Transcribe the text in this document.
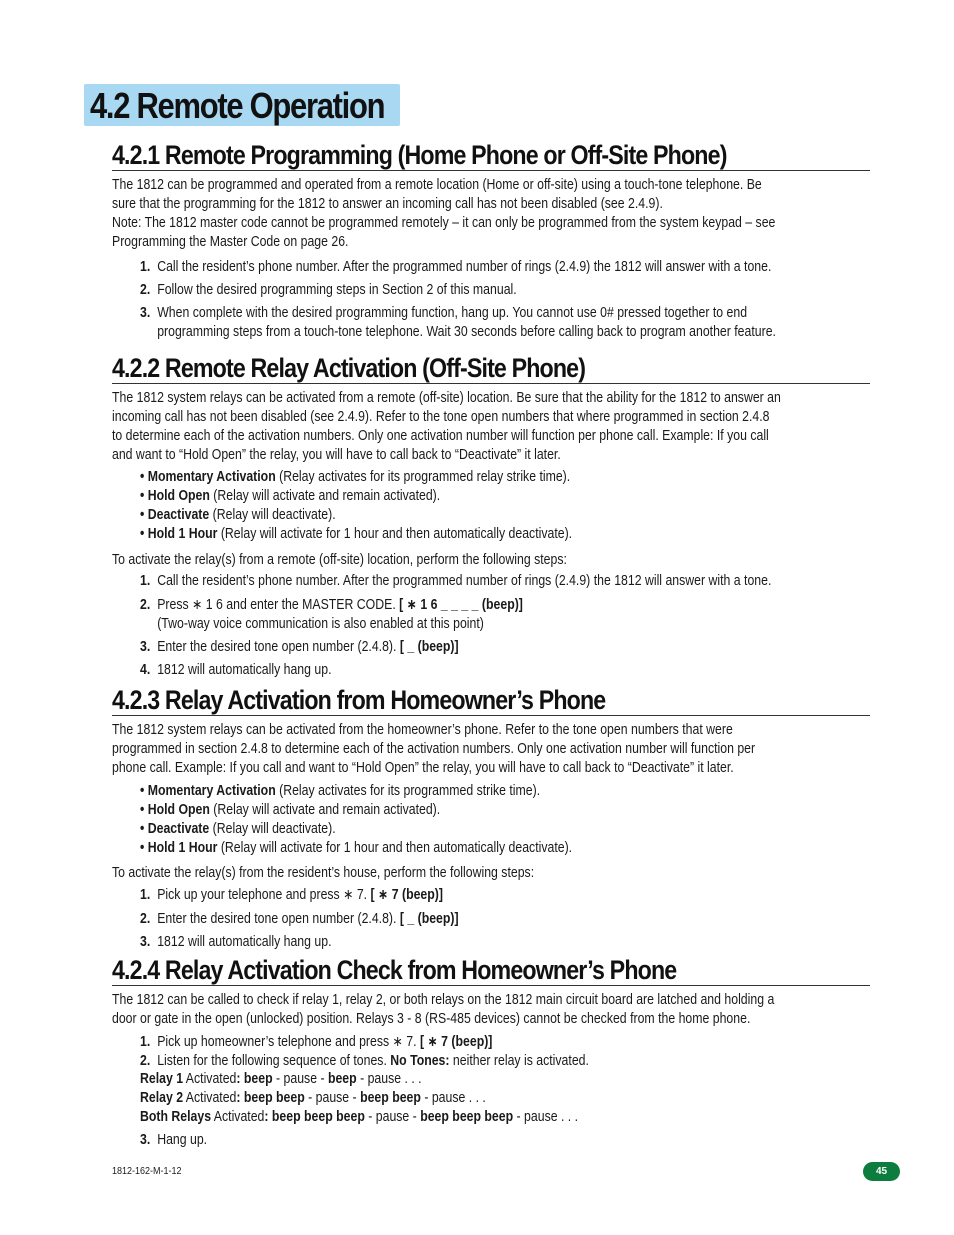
4.2 Remote Operation
4.2.1 Remote Programming (Home Phone or Off-Site Phone)

The 1812 can be programmed and operated from a remote location (Home or off-site) using a touch-tone telephone. Be

sure that the programming for the 1812 to answer an incoming call has not been disabled (see 2.4.9).

Note: The 1812 master code cannot be programmed remotely – it can only be programmed from the system keypad – see

Programming the Master Code on page 26.

1. Call the resident’s phone number. After the programmed number of rings (2.4.9) the 1812 will answer with a tone.
2. Follow the desired programming steps in Section 2 of this manual.
3. When complete with the desired programming function, hang up. You cannot use 0# pressed together to end
programming steps from a touch-tone telephone. Wait 30 seconds before calling back to program another feature.
4.2.2 Remote Relay Activation (Off-Site Phone)

The 1812 system relays can be activated from a remote (off-site) location. Be sure that the ability for the 1812 to answer an

incoming call has not been disabled (see 2.4.9). Refer to the tone open numbers that where programmed in section 2.4.8

to determine each of the activation numbers. Only one activation number will function per phone call. Example: If you call

and want to “Hold Open” the relay, you will have to call back to “Deactivate” it later.

• Momentary Activation (Relay activates for its programmed relay strike time).
• Hold Open (Relay will activate and remain activated).
• Deactivate (Relay will deactivate).
• Hold 1 Hour (Relay will activate for 1 hour and then automatically deactivate).

To activate the relay(s) from a remote (off-site) location, perform the following steps:

1. Call the resident’s phone number. After the programmed number of rings (2.4.9) the 1812 will answer with a tone.
2. Press ∗ 1 6 and enter the MASTER CODE. [ ∗ 1 6 _ _ _ _ (beep)]
(Two-way voice communication is also enabled at this point)
3. Enter the desired tone open number (2.4.8). [ _ (beep)]
4. 1812 will automatically hang up.
4.2.3 Relay Activation from Homeowner’s Phone

The 1812 system relays can be activated from the homeowner’s phone. Refer to the tone open numbers that were

programmed in section 2.4.8 to determine each of the activation numbers. Only one activation number will function per

phone call. Example: If you call and want to “Hold Open” the relay, you will have to call back to “Deactivate” it later.

• Momentary Activation (Relay activates for its programmed strike time).
• Hold Open (Relay will activate and remain activated).
• Deactivate (Relay will deactivate).
• Hold 1 Hour (Relay will activate for 1 hour and then automatically deactivate).

To activate the relay(s) from the resident’s house, perform the following steps:

1. Pick up your telephone and press ∗ 7. [ ∗ 7 (beep)]
2. Enter the desired tone open number (2.4.8). [ _ (beep)]
3. 1812 will automatically hang up.
4.2.4 Relay Activation Check from Homeowner’s Phone

The 1812 can be called to check if relay 1, relay 2, or both relays on the 1812 main circuit board are latched and holding a

door or gate in the open (unlocked) position. Relays 3 - 8 (RS-485 devices) cannot be checked from the home phone.

1. Pick up homeowner’s telephone and press ∗ 7. [ ∗ 7 (beep)]
2. Listen for the following sequence of tones. No Tones: neither relay is activated.
Relay 1 Activated: beep - pause - beep - pause . . .
Relay 2 Activated: beep beep - pause - beep beep - pause . . .
Both Relays Activated: beep beep beep - pause - beep beep beep - pause . . .
3. Hang up.
1812-162-M-1-12	45
